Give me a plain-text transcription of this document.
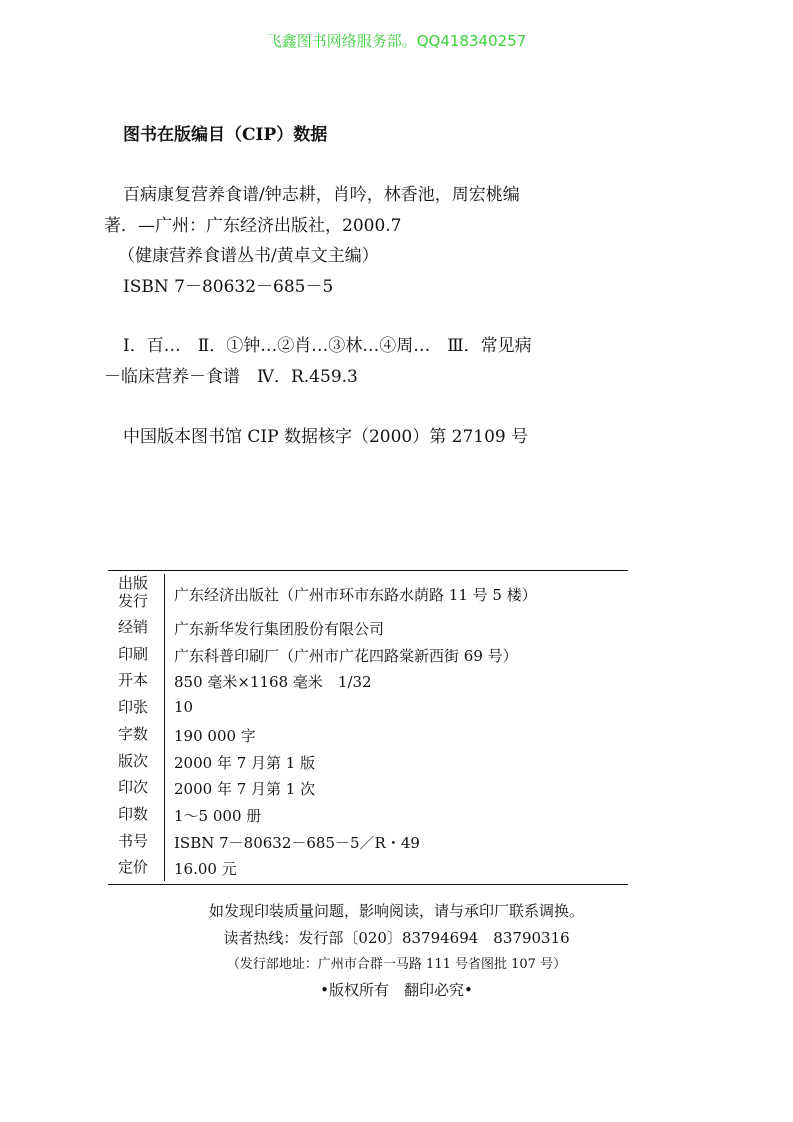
飞鑫图书网络服务部。QQ418340257
图书在版编目（CIP）数据
百病康复营养食谱/钟志耕，肖吟，林香池，周宏桃编
著．—广州：广东经济出版社，2000.7
（健康营养食谱丛书/黄卓文主编）
ISBN 7－80632－685－5
Ⅰ．百…　Ⅱ．①钟…②肖…③林…④周…　Ⅲ．常见病
－临床营养－食谱　Ⅳ．R.459.3
中国版本图书馆 CIP 数据核字（2000）第 27109 号
出版
发行	广东经济出版社（广州市环市东路水荫路 11 号 5 楼）
经销	广东新华发行集团股份有限公司
印刷	广东科普印刷厂（广州市广花四路棠新西街 69 号）
开本	850 毫米×1168 毫米　1/32
印张	10
字数	190 000 字
版次	2000 年 7 月第 1 版
印次	2000 年 7 月第 1 次
印数	1～5 000 册
书号	ISBN 7－80632－685－5／R・49
定价	16.00 元
如发现印装质量问题，影响阅读，请与承印厂联系调换。
读者热线：发行部〔020〕83794694　83790316
（发行部地址：广州市合群一马路 111 号省图批 107 号）
•版权所有　翻印必究•
